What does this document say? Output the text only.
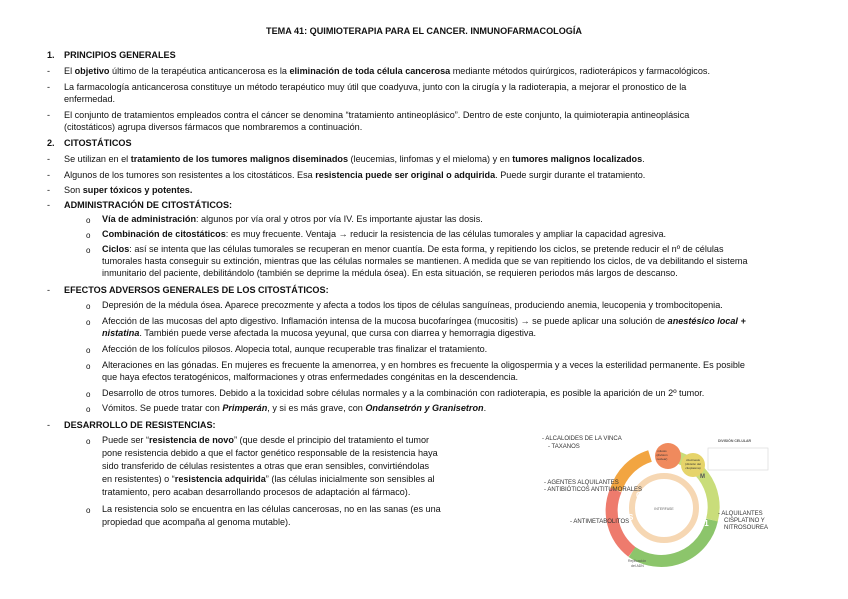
TEMA 41: QUIMIOTERAPIA PARA EL CANCER. INMUNOFARMACOLOGÍA
1. PRINCIPIOS GENERALES
- El objetivo último de la terapéutica anticancerosa es la eliminación de toda célula cancerosa mediante métodos quirúrgicos, radioterápicos y farmacológicos.
- La farmacología anticancerosa constituye un método terapéutico muy útil que coadyuva, junto con la cirugía y la radioterapia, a mejorar el pronostico de la
enfermedad.
- El conjunto de tratamientos empleados contra el cáncer se denomina “tratamiento antineoplásico”. Dentro de este conjunto, la quimioterapia antineoplásica
(citostáticos) agrupa diversos fármacos que nombraremos a continuación.
2. CITOSTÁTICOS
- Se utilizan en el tratamiento de los tumores malignos diseminados (leucemias, linfomas y el mieloma) y en tumores malignos localizados.
- Algunos de los tumores son resistentes a los citostáticos. Esa resistencia puede ser original o adquirida. Puede surgir durante el tratamiento.
- Son super tóxicos y potentes.
- ADMINISTRACIÓN DE CITOSTÁTICOS:
o Vía de administración: algunos por vía oral y otros por vía IV. Es importante ajustar las dosis.
o Combinación de citostáticos: es muy frecuente. Ventaja → reducir la resistencia de las células tumorales y ampliar la capacidad agresiva.
o Ciclos: así se intenta que las células tumorales se recuperan en menor cuantía. De esta forma, y repitiendo los ciclos, se pretende reducir el nº de células
tumorales hasta conseguir su extinción, mientras que las células normales se mantienen. A medida que se van repitiendo los ciclos, de va debilitando el sistema
inmunitario del paciente, debilitándolo (también se deprime la médula ósea). En esta situación, se requieren periodos más largos de descanso.
- EFECTOS ADVERSOS GENERALES DE LOS CITOSTÁTICOS:
o Depresión de la médula ósea. Aparece precozmente y afecta a todos los tipos de células sanguíneas, produciendo anemia, leucopenia y trombocitopenia.
o Afección de las mucosas del apto digestivo. Inflamación intensa de la mucosa bucofaríngea (mucositis) → se puede aplicar una solución de anestésico local +
nistatina. También puede verse afectada la mucosa yeyunal, que cursa con diarrea y hemorragia digestiva.
o Afección de los folículos pilosos. Alopecia total, aunque recuperable tras finalizar el tratamiento.
o Alteraciones en las gónadas. En mujeres es frecuente la amenorrea, y en hombres es frecuente la oligospermia y a veces la esterilidad permanente. Es posible
que haya efectos teratogénicos, malformaciones y otras enfermedades congénitas en la descendencia.
o Desarrollo de otros tumores. Debido a la toxicidad sobre células normales y a la combinación con radioterapia, es posible la aparición de un 2º tumor.
o Vómitos. Se puede tratar con Primperán, y si es más grave, con Ondansetrón y Granisetron.
- DESARROLLO DE RESISTENCIAS:
o Puede ser “resistencia de novo” (que desde el principio del tratamiento el tumor
pone resistencia debido a que el factor genético responsable de la resistencia haya
sido transferido de células resistentes a otras que eran sensibles, convirtiéndolas
en resistentes) o “resistencia adquirida” (las células inicialmente son sensibles al
tratamiento, pero acaban desarrollando procesos de adaptación al fármaco).
o La resistencia solo se encuentra en las células cancerosas, no en las sanas (es una
propiedad que acompaña al genoma mutable).
- ALCALOIDES DE LA VINCA
- TAXANOS
DIVISIÓN CELULAR
mitosis
(división
nuclear)	citocinesis
(división del
citoplasma)
- AGENTES ALQUILANTES
- ANTIBIÓTICOS ANTITUMORALES
- ANTIMETABOLITOS
- ALQUILANTES
CISPLATINO Y
NITROSOUREA
G2
S
G1
M
INTERFASE
Replicación
del ADN
